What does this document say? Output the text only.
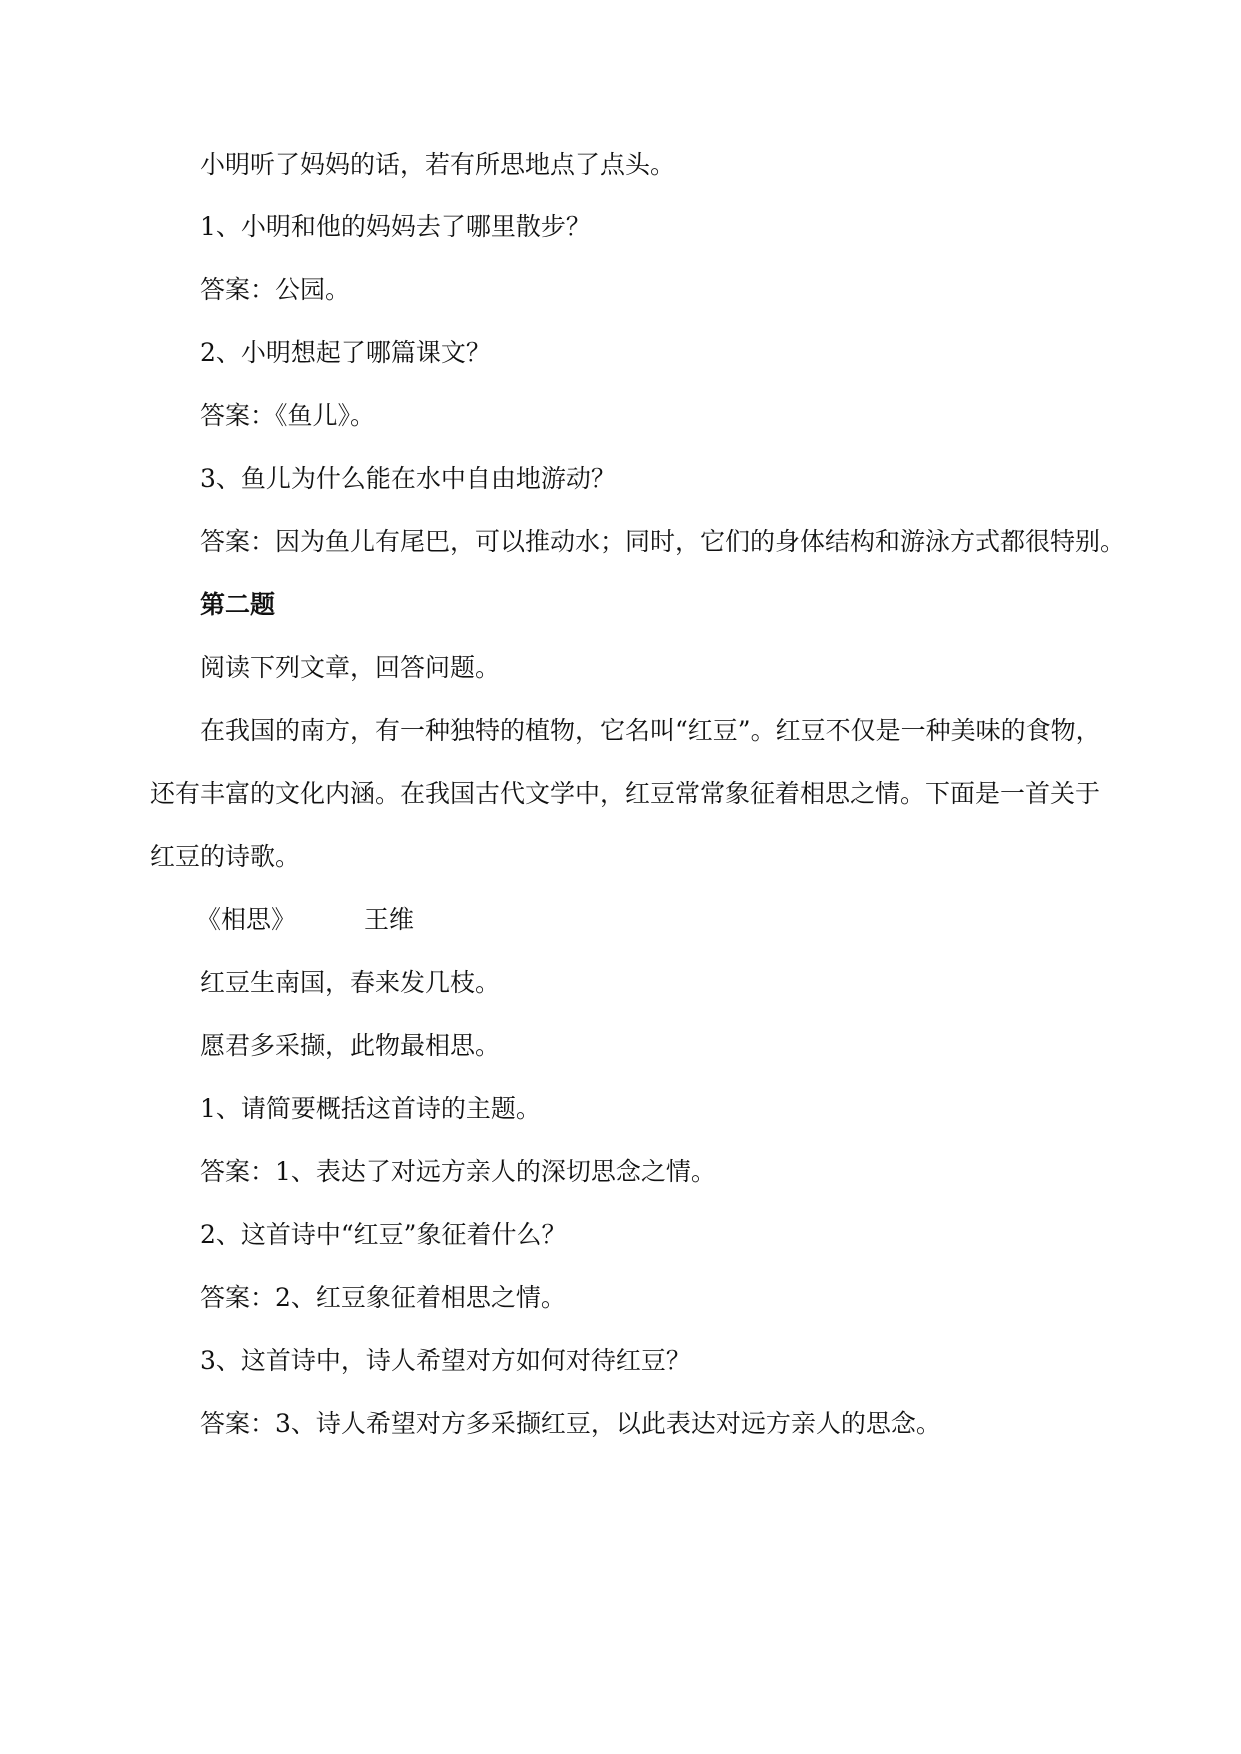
小明听了妈妈的话，若有所思地点了点头。
1、小明和他的妈妈去了哪里散步？
答案：公园。
2、小明想起了哪篇课文？
答案：《鱼儿》。
3、鱼儿为什么能在水中自由地游动？
答案：因为鱼儿有尾巴，可以推动水；同时，它们的身体结构和游泳方式都很特别。
第二题
阅读下列文章，回答问题。
在我国的南方，有一种独特的植物，它名叫“红豆”。红豆不仅是一种美味的食物，
还有丰富的文化内涵。在我国古代文学中，红豆常常象征着相思之情。下面是一首关于
红豆的诗歌。
《相思》	王维
红豆生南国，春来发几枝。
愿君多采撷，此物最相思。
1、请简要概括这首诗的主题。
答案：1、表达了对远方亲人的深切思念之情。
2、这首诗中“红豆”象征着什么？
答案：2、红豆象征着相思之情。
3、这首诗中，诗人希望对方如何对待红豆？
答案：3、诗人希望对方多采撷红豆，以此表达对远方亲人的思念。
